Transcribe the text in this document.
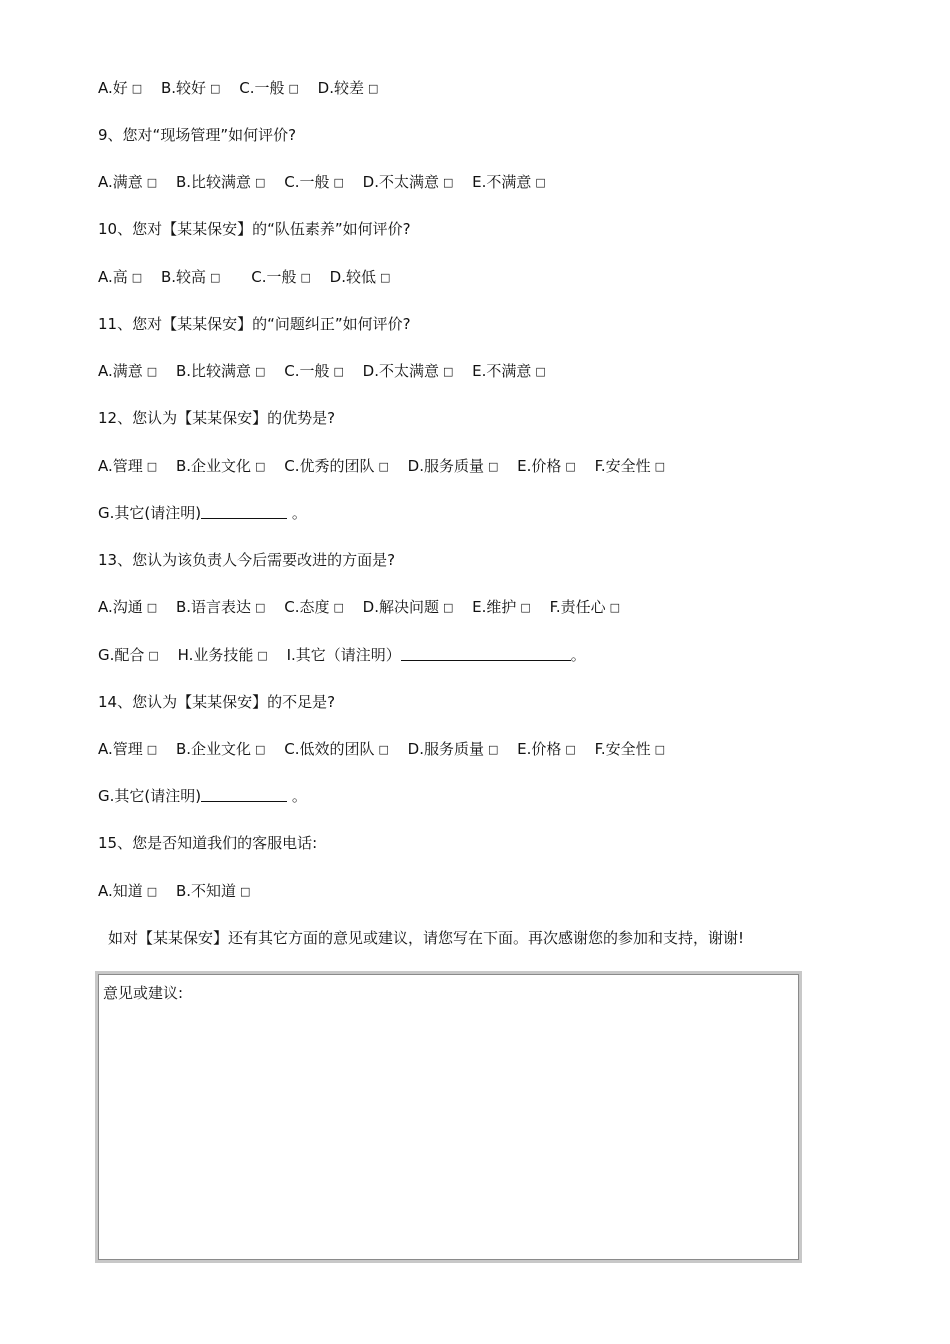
A.好 □ B.较好 □ C.一般 □ D.较差 □
9、您对“现场管理”如何评价?
A.满意 □ B.比较满意 □ C.一般 □ D.不太满意 □ E.不满意 □
10、您对【某某保安】的“队伍素养”如何评价?
A.高 □ B.较高 □ C.一般 □ D.较低 □
11、您对【某某保安】的“问题纠正”如何评价?
A.满意 □ B.比较满意 □ C.一般 □ D.不太满意 □ E.不满意 □
12、您认为【某某保安】的优势是?
A.管理 □ B.企业文化 □ C.优秀的团队 □ D.服务质量 □ E.价格 □ F.安全性 □
G.其它(请注明)	。
13、您认为该负责人今后需要改进的方面是?
A.沟通 □ B.语言表达 □ C.态度 □ D.解决问题 □ E.维护 □ F.责任心 □
G.配合 □ H.业务技能 □ I.其它（请注明）	。
14、您认为【某某保安】的不足是?
A.管理 □ B.企业文化 □ C.低效的团队 □ D.服务质量 □ E.价格 □ F.安全性 □
G.其它(请注明)	。
15、您是否知道我们的客服电话:
A.知道 □ B.不知道 □
如对【某某保安】还有其它方面的意见或建议，请您写在下面。再次感谢您的参加和支持，谢谢!
意见或建议:
